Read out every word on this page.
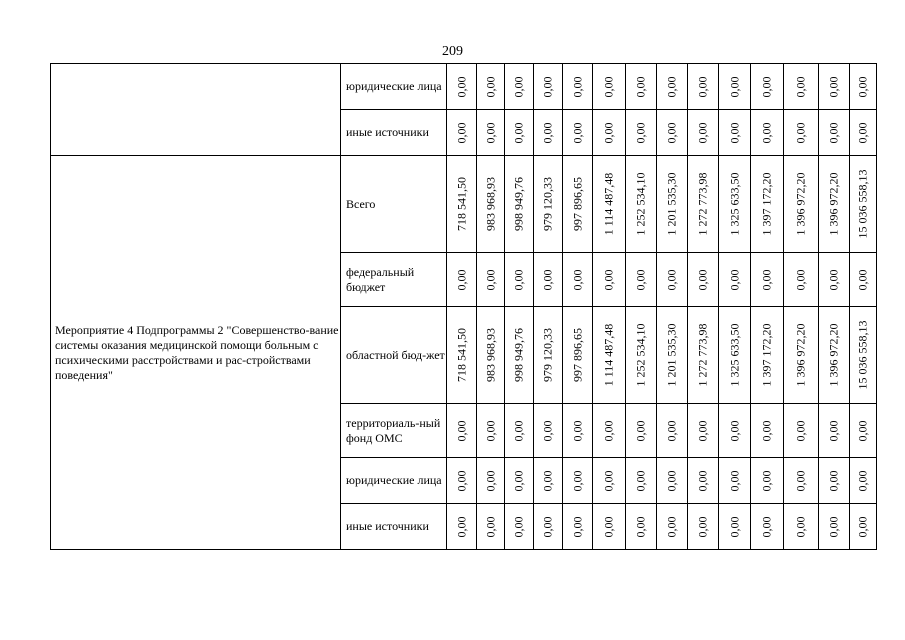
209
	юридические лица	0,00	0,00	0,00	0,00	0,00	0,00	0,00	0,00	0,00	0,00	0,00	0,00	0,00	0,00

	иные источники	0,00	0,00	0,00	0,00	0,00	0,00	0,00	0,00	0,00	0,00	0,00	0,00	0,00	0,00

Мероприятие 4 Подпрограммы 2 "Совершенство-вание системы оказания медицинской помощи больным с психическими расстройствами и рас-стройствами поведения"	Всего	718 541,50	983 968,93	998 949,76	979 120,33	997 896,65	1 114 487,48	1 252 534,10	1 201 535,30	1 272 773,98	1 325 633,50	1 397 172,20	1 396 972,20	1 396 972,20	15 036 558,13

	федеральный бюджет	0,00	0,00	0,00	0,00	0,00	0,00	0,00	0,00	0,00	0,00	0,00	0,00	0,00	0,00

	областной бюд-жет	718 541,50	983 968,93	998 949,76	979 120,33	997 896,65	1 114 487,48	1 252 534,10	1 201 535,30	1 272 773,98	1 325 633,50	1 397 172,20	1 396 972,20	1 396 972,20	15 036 558,13

	территориаль-ный фонд ОМС	0,00	0,00	0,00	0,00	0,00	0,00	0,00	0,00	0,00	0,00	0,00	0,00	0,00	0,00

	юридические лица	0,00	0,00	0,00	0,00	0,00	0,00	0,00	0,00	0,00	0,00	0,00	0,00	0,00	0,00

	иные источники	0,00	0,00	0,00	0,00	0,00	0,00	0,00	0,00	0,00	0,00	0,00	0,00	0,00	0,00
